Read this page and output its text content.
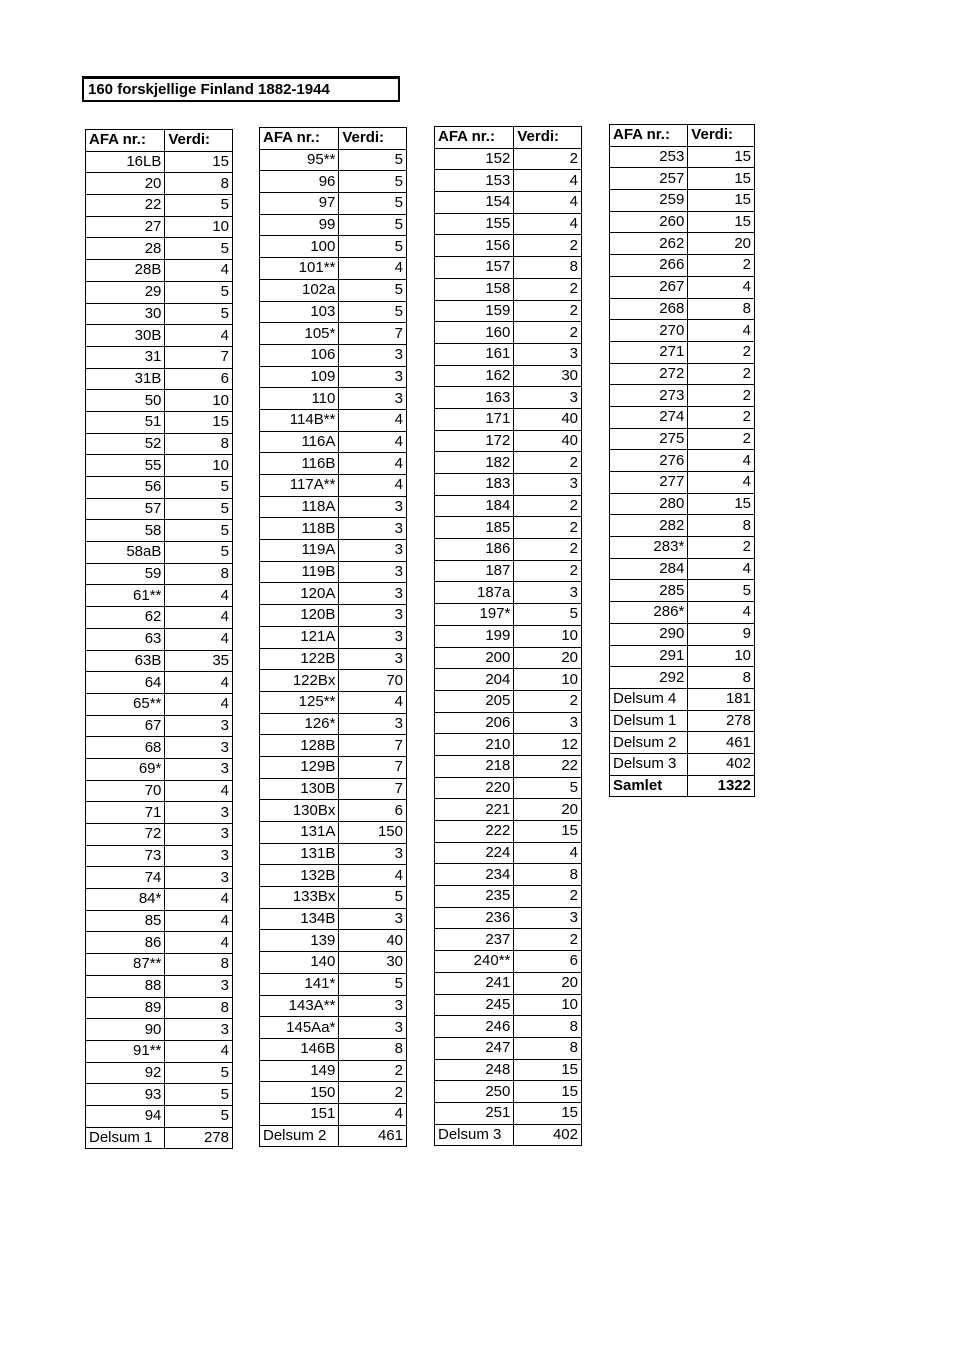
160 forskjellige Finland 1882-1944
AFA nr.:	Verdi:
16LB	15
20	8
22	5
27	10
28	5
28B	4
29	5
30	5
30B	4
31	7
31B	6
50	10
51	15
52	8
55	10
56	5
57	5
58	5
58aB	5
59	8
61**	4
62	4
63	4
63B	35
64	4
65**	4
67	3
68	3
69*	3
70	4
71	3
72	3
73	3
74	3
84*	4
85	4
86	4
87**	8
88	3
89	8
90	3
91**	4
92	5
93	5
94	5
Delsum 1	278
AFA nr.:	Verdi:
95**	5
96	5
97	5
99	5
100	5
101**	4
102a	5
103	5
105*	7
106	3
109	3
110	3
114B**	4
116A	4
116B	4
117A**	4
118A	3
118B	3
119A	3
119B	3
120A	3
120B	3
121A	3
122B	3
122Bx	70
125**	4
126*	3
128B	7
129B	7
130B	7
130Bx	6
131A	150
131B	3
132B	4
133Bx	5
134B	3
139	40
140	30
141*	5
143A**	3
145Aa*	3
146B	8
149	2
150	2
151	4
Delsum 2	461
AFA nr.:	Verdi:
152	2
153	4
154	4
155	4
156	2
157	8
158	2
159	2
160	2
161	3
162	30
163	3
171	40
172	40
182	2
183	3
184	2
185	2
186	2
187	2
187a	3
197*	5
199	10
200	20
204	10
205	2
206	3
210	12
218	22
220	5
221	20
222	15
224	4
234	8
235	2
236	3
237	2
240**	6
241	20
245	10
246	8
247	8
248	15
250	15
251	15
Delsum 3	402
AFA nr.:	Verdi:
253	15
257	15
259	15
260	15
262	20
266	2
267	4
268	8
270	4
271	2
272	2
273	2
274	2
275	2
276	4
277	4
280	15
282	8
283*	2
284	4
285	5
286*	4
290	9
291	10
292	8
Delsum 4	181
Delsum 1	278
Delsum 2	461
Delsum 3	402
Samlet	1322
